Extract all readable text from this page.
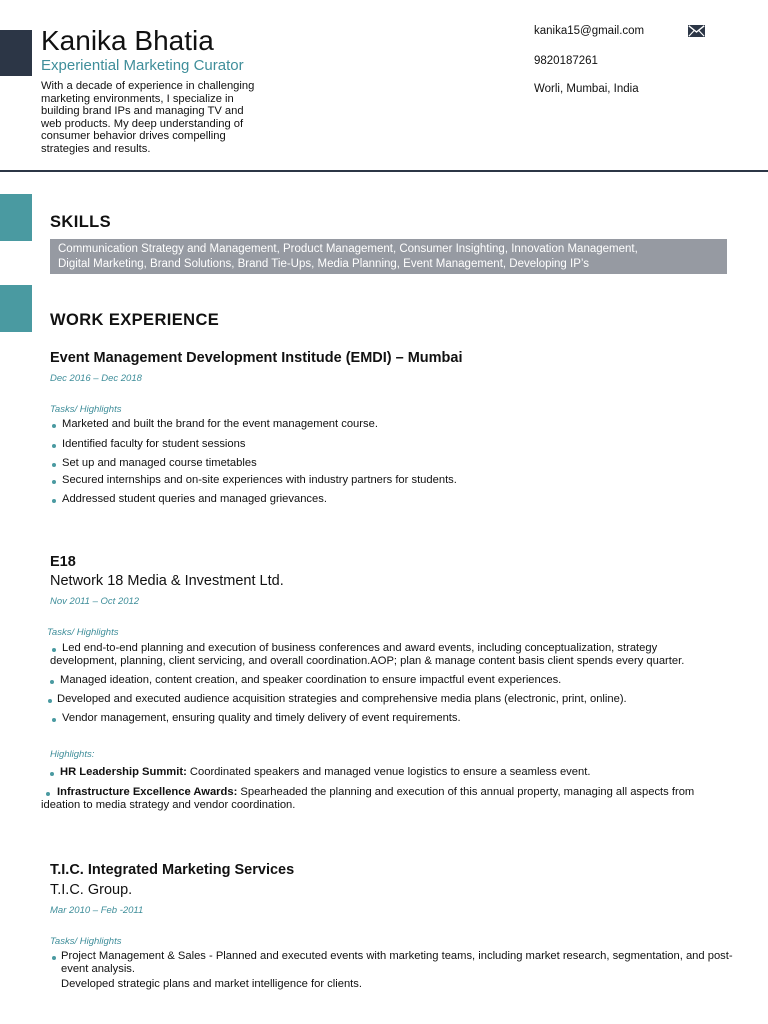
Kanika Bhatia
Experiential Marketing Curator
With a decade of experience in challenging marketing environments, I specialize in building brand IPs and managing TV and web products. My deep understanding of consumer behavior drives compelling strategies and results.
kanika15@gmail.com
9820187261
Worli, Mumbai, India
SKILLS
Communication Strategy and Management, Product Management, Consumer Insighting, Innovation Management,
Digital Marketing, Brand Solutions, Brand Tie-Ups, Media Planning, Event Management, Developing IP’s
WORK EXPERIENCE
Event Management Development Institude (EMDI) – Mumbai
Dec 2016 – Dec 2018
Tasks/ Highlights
Marketed and built the brand for the event management course.
Identified faculty for student sessions
Set up and managed course timetables
Secured internships and on-site experiences with industry partners for students.
Addressed student queries and managed grievances.
E18
Network 18 Media & Investment Ltd.
Nov 2011 – Oct 2012
Tasks/ Highlights
Led end-to-end planning and execution of business conferences and award events, including conceptualization, strategy development, planning, client servicing, and overall coordination.AOP; plan & manage content basis client spends every quarter.
Managed ideation, content creation, and speaker coordination to ensure impactful event experiences.
Developed and executed audience acquisition strategies and comprehensive media plans (electronic, print, online).
Vendor management, ensuring quality and timely delivery of event requirements.
Highlights:
HR Leadership Summit: Coordinated speakers and managed venue logistics to ensure a seamless event.
Infrastructure Excellence Awards: Spearheaded the planning and execution of this annual property, managing all aspects from ideation to media strategy and vendor coordination.
T.I.C. Integrated Marketing Services
T.I.C. Group.
Mar 2010 – Feb -2011
Tasks/ Highlights
Project Management & Sales - Planned and executed events with marketing teams, including market research, segmentation, and post-event analysis.
Developed strategic plans and market intelligence for clients.
